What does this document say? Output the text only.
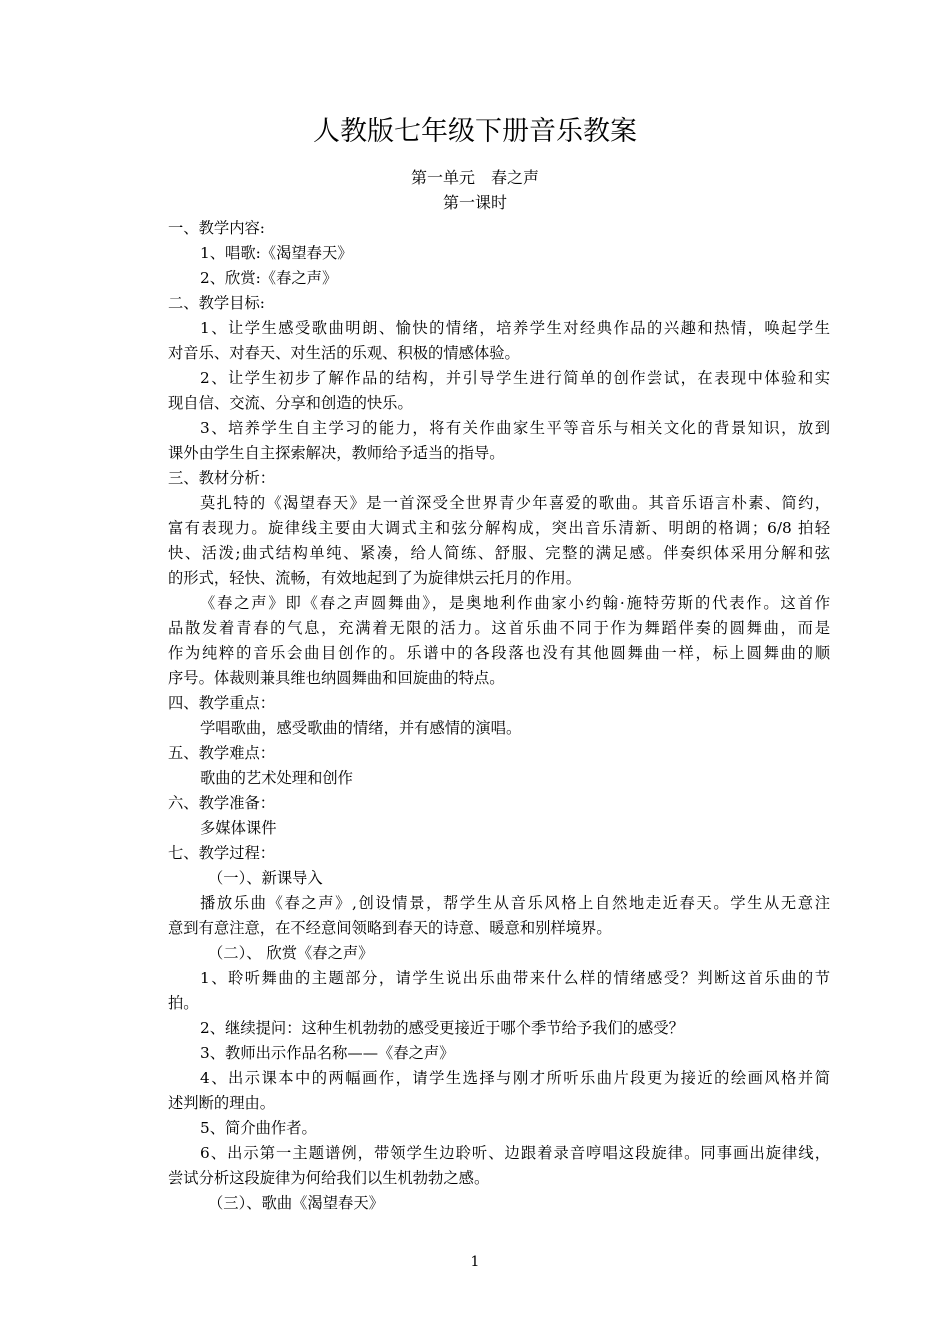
人教版七年级下册音乐教案
第一单元　春之声
第一课时
一、教学内容:
1、唱歌:《渴望春天》
2、欣赏:《春之声》
二、教学目标:
1、让学生感受歌曲明朗、愉快的情绪，培养学生对经典作品的兴趣和热情，唤起学生
对音乐、对春天、对生活的乐观、积极的情感体验。
2、让学生初步了解作品的结构，并引导学生进行简单的创作尝试，在表现中体验和实
现自信、交流、分享和创造的快乐。
3、培养学生自主学习的能力，将有关作曲家生平等音乐与相关文化的背景知识，放到
课外由学生自主探索解决，教师给予适当的指导。
三、教材分析：
莫扎特的《渴望春天》是一首深受全世界青少年喜爱的歌曲。其音乐语言朴素、简约，
富有表现力。旋律线主要由大调式主和弦分解构成，突出音乐清新、明朗的格调；6/8 拍轻
快、活泼;曲式结构单纯、紧凑，给人简练、舒服、完整的满足感。伴奏织体采用分解和弦
的形式，轻快、流畅，有效地起到了为旋律烘云托月的作用。
《春之声》即《春之声圆舞曲》，是奥地利作曲家小约翰·施特劳斯的代表作。这首作
品散发着青春的气息，充满着无限的活力。这首乐曲不同于作为舞蹈伴奏的圆舞曲，而是
作为纯粹的音乐会曲目创作的。乐谱中的各段落也没有其他圆舞曲一样，标上圆舞曲的顺
序号。体裁则兼具维也纳圆舞曲和回旋曲的特点。
四、教学重点：
学唱歌曲，感受歌曲的情绪，并有感情的演唱。
五、教学难点：
歌曲的艺术处理和创作
六、教学准备：
多媒体课件
七、教学过程：
（一）、新课导入
播放乐曲《春之声》,创设情景，帮学生从音乐风格上自然地走近春天。学生从无意注
意到有意注意，在不经意间领略到春天的诗意、暖意和别样境界。
（二）、 欣赏《春之声》
1、聆听舞曲的主题部分，请学生说出乐曲带来什么样的情绪感受？判断这首乐曲的节
拍。
2、继续提问：这种生机勃勃的感受更接近于哪个季节给予我们的感受？
3、教师出示作品名称——《春之声》
4、出示课本中的两幅画作，请学生选择与刚才所听乐曲片段更为接近的绘画风格并简
述判断的理由。
5、简介曲作者。
6、出示第一主题谱例，带领学生边聆听、边跟着录音哼唱这段旋律。同事画出旋律线，
尝试分析这段旋律为何给我们以生机勃勃之感。
（三）、歌曲《渴望春天》
1
